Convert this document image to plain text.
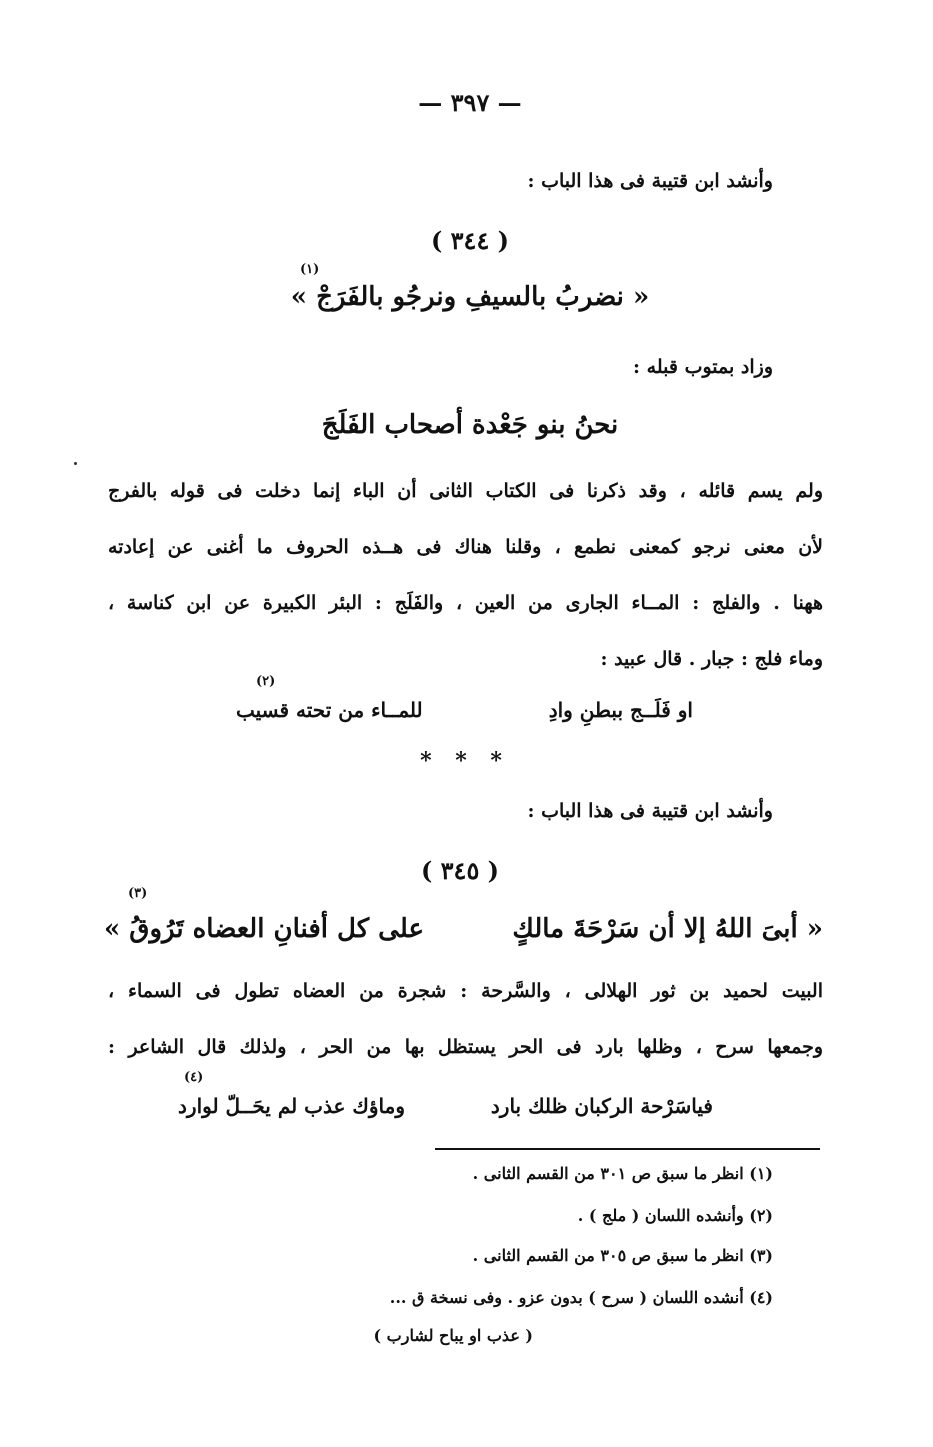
— ٣٩٧ —
وأنشد ابن قتيبة فى هذا الباب :
( ٣٤٤ )
« نضربُ بالسيفِ ونرجُو بالفَرَجْ »
(١)
وزاد بمتوب قبله :
نحنُ بنو جَعْدة أصحاب الفَلَجَ
ولم يسم قائله ، وقد ذكرنا فى الكتاب الثانى أن الباء إنما دخلت فى قوله بالفرج
لأن معنى نرجو كمعنى نطمع ، وقلنا هناك فى هــذه الحروف ما أغنى عن إعادته
ههنا . والفلج : المــاء الجارى من العين ، والفَلَج : البئر الكبيرة عن ابن كناسة ،
وماء فلج : جبار . قال عبيد :
او فَلَــج ببطنِ وادِ
للمــاء من تحته قسيب
(٢)
* * *
وأنشد ابن قتيبة فى هذا الباب :
( ٣٤٥ )
« أبىَ اللهُ إلا أن سَرْحَةَ مالكٍ
على كل أفنانِ العضاه تَرُوقُ »
(٣)
البيت لحميد بن ثور الهلالى ، والسَّرحة : شجرة من العضاه تطول فى السماء ،
وجمعها سرح ، وظلها بارد فى الحر يستظل بها من الحر ، ولذلك قال الشاعر :
فياسَرْحة الركبان ظلك بارد
وماؤك عذب لم يحَــلّ لوارد
(٤)
(١) انظر ما سبق ص ٣٠١ من القسم الثانى .
(٢) وأنشده اللسان ( ملج ) .
(٣) انظر ما سبق ص ٣٠٥ من القسم الثانى .
(٤) أنشده اللسان ( سرح ) بدون عزو . وفى نسخة ق ...
( عذب او يباح لشارب )
